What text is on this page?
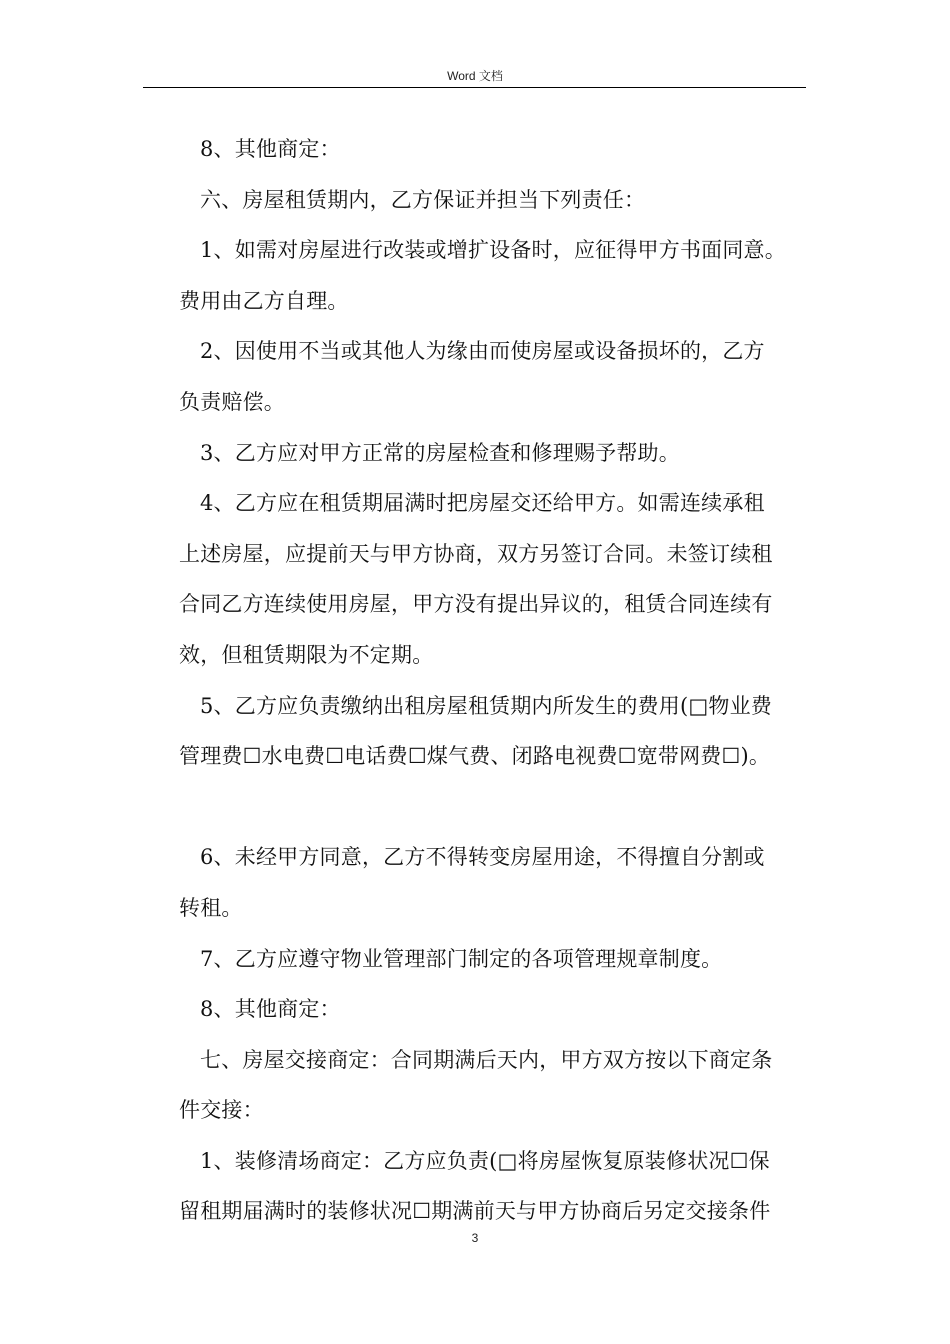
Word 文档
8、其他商定：
六、房屋租赁期内，乙方保证并担当下列责任：
1、如需对房屋进行改装或增扩设备时，应征得甲方书面同意。
费用由乙方自理。
2、因使用不当或其他人为缘由而使房屋或设备损坏的，乙方
负责赔偿。
3、乙方应对甲方正常的房屋检查和修理赐予帮助。
4、乙方应在租赁期届满时把房屋交还给甲方。如需连续承租
上述房屋，应提前天与甲方协商，双方另签订合同。未签订续租
合同乙方连续使用房屋，甲方没有提出异议的，租赁合同连续有
效，但租赁期限为不定期。
5、乙方应负责缴纳出租房屋租赁期内所发生的费用(□物业费
管理费☐水电费☐电话费☐煤气费、闭路电视费☐宽带网费☐)。
6、未经甲方同意，乙方不得转变房屋用途，不得擅自分割或
转租。
7、乙方应遵守物业管理部门制定的各项管理规章制度。
8、其他商定：
七、房屋交接商定：合同期满后天内，甲方双方按以下商定条
件交接：
1、装修清场商定：乙方应负责(□将房屋恢复原装修状况☐保
留租期届满时的装修状况☐期满前天与甲方协商后另定交接条件
3
